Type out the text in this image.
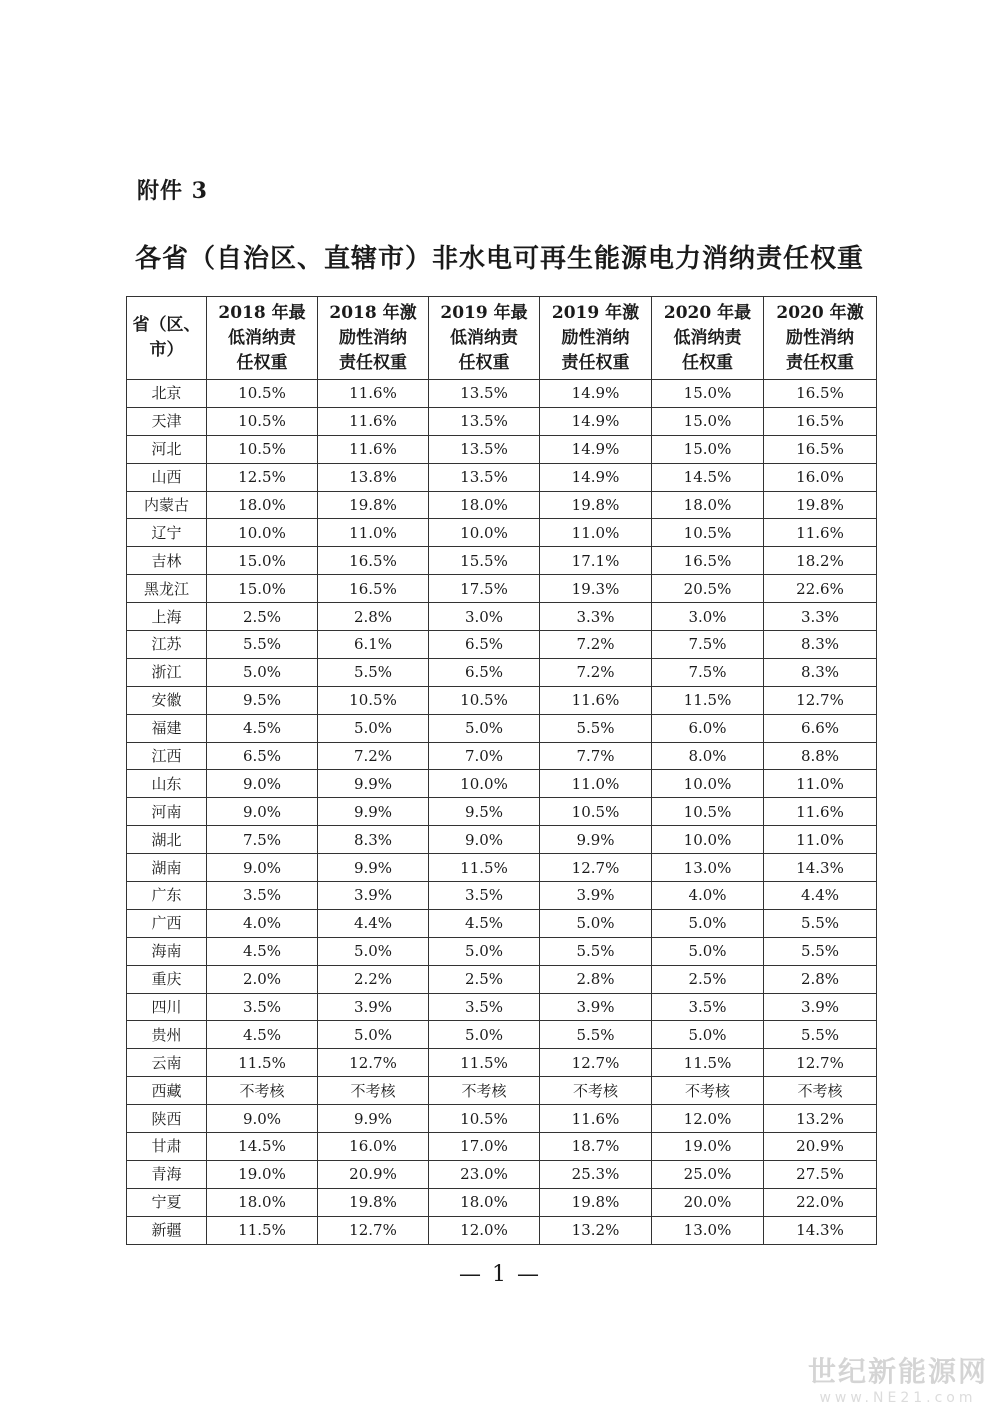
附件 3
各省（自治区、直辖市）非水电可再生能源电力消纳责任权重
省（区、
市）	2018 年最
低消纳责
任权重	2018 年激
励性消纳
责任权重	2019 年最
低消纳责
任权重	2019 年激
励性消纳
责任权重	2020 年最
低消纳责
任权重	2020 年激
励性消纳
责任权重

北京	10.5%	11.6%	13.5%	14.9%	15.0%	16.5%
天津	10.5%	11.6%	13.5%	14.9%	15.0%	16.5%
河北	10.5%	11.6%	13.5%	14.9%	15.0%	16.5%
山西	12.5%	13.8%	13.5%	14.9%	14.5%	16.0%
内蒙古	18.0%	19.8%	18.0%	19.8%	18.0%	19.8%
辽宁	10.0%	11.0%	10.0%	11.0%	10.5%	11.6%
吉林	15.0%	16.5%	15.5%	17.1%	16.5%	18.2%
黑龙江	15.0%	16.5%	17.5%	19.3%	20.5%	22.6%
上海	2.5%	2.8%	3.0%	3.3%	3.0%	3.3%
江苏	5.5%	6.1%	6.5%	7.2%	7.5%	8.3%
浙江	5.0%	5.5%	6.5%	7.2%	7.5%	8.3%
安徽	9.5%	10.5%	10.5%	11.6%	11.5%	12.7%
福建	4.5%	5.0%	5.0%	5.5%	6.0%	6.6%
江西	6.5%	7.2%	7.0%	7.7%	8.0%	8.8%
山东	9.0%	9.9%	10.0%	11.0%	10.0%	11.0%
河南	9.0%	9.9%	9.5%	10.5%	10.5%	11.6%
湖北	7.5%	8.3%	9.0%	9.9%	10.0%	11.0%
湖南	9.0%	9.9%	11.5%	12.7%	13.0%	14.3%
广东	3.5%	3.9%	3.5%	3.9%	4.0%	4.4%
广西	4.0%	4.4%	4.5%	5.0%	5.0%	5.5%
海南	4.5%	5.0%	5.0%	5.5%	5.0%	5.5%
重庆	2.0%	2.2%	2.5%	2.8%	2.5%	2.8%
四川	3.5%	3.9%	3.5%	3.9%	3.5%	3.9%
贵州	4.5%	5.0%	5.0%	5.5%	5.0%	5.5%
云南	11.5%	12.7%	11.5%	12.7%	11.5%	12.7%
西藏	不考核	不考核	不考核	不考核	不考核	不考核
陕西	9.0%	9.9%	10.5%	11.6%	12.0%	13.2%
甘肃	14.5%	16.0%	17.0%	18.7%	19.0%	20.9%
青海	19.0%	20.9%	23.0%	25.3%	25.0%	27.5%
宁夏	18.0%	19.8%	18.0%	19.8%	20.0%	22.0%
新疆	11.5%	12.7%	12.0%	13.2%	13.0%	14.3%
— 1 —
世纪新能源网
www.NE21.com
